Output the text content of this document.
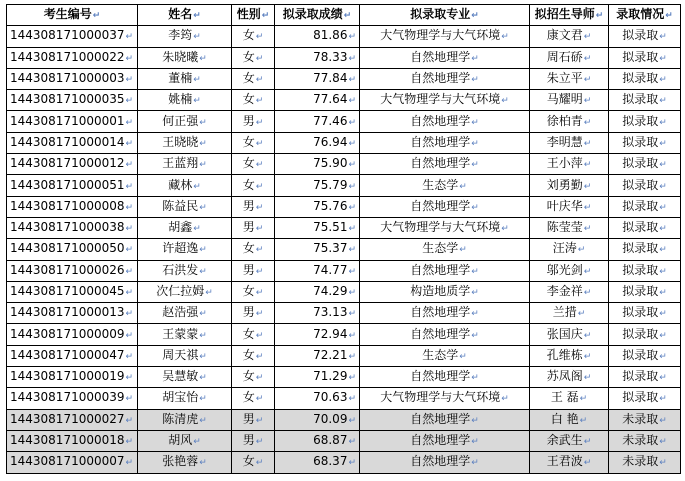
考生编号↵	姓名↵	性别↵	拟录取成绩↵	拟录取专业↵	拟招生导师↵	录取情况↵
144308171000037↵	李筠↵	女↵	81.86↵	大气物理学与大气环境↵	康文君↵	拟录取↵
144308171000022↵	朱晓曦↵	女↵	78.33↵	自然地理学↵	周石硚↵	拟录取↵
144308171000003↵	董楠↵	女↵	77.84↵	自然地理学↵	朱立平↵	拟录取↵
144308171000035↵	姚楠↵	女↵	77.64↵	大气物理学与大气环境↵	马耀明↵	拟录取↵
144308171000001↵	何正强↵	男↵	77.46↵	自然地理学↵	徐柏青↵	拟录取↵
144308171000014↵	王晓晓↵	女↵	76.94↵	自然地理学↵	李明慧↵	拟录取↵
144308171000012↵	王蓝翔↵	女↵	75.90↵	自然地理学↵	王小萍↵	拟录取↵
144308171000051↵	藏林↵	女↵	75.79↵	生态学↵	刘勇勤↵	拟录取↵
144308171000008↵	陈益民↵	男↵	75.76↵	自然地理学↵	叶庆华↵	拟录取↵
144308171000038↵	胡鑫↵	男↵	75.51↵	大气物理学与大气环境↵	陈莹莹↵	拟录取↵
144308171000050↵	许超逸↵	女↵	75.37↵	生态学↵	汪涛↵	拟录取↵
144308171000026↵	石洪发↵	男↵	74.77↵	自然地理学↵	邬光剑↵	拟录取↵
144308171000045↵	次仁拉姆↵	女↵	74.29↵	构造地质学↵	李金祥↵	拟录取↵
144308171000013↵	赵浩强↵	男↵	73.13↵	自然地理学↵	兰措↵	拟录取↵
144308171000009↵	王蒙蒙↵	女↵	72.94↵	自然地理学↵	张国庆↵	拟录取↵
144308171000047↵	周天祺↵	女↵	72.21↵	生态学↵	孔维栋↵	拟录取↵
144308171000019↵	吴慧敏↵	女↵	71.29↵	自然地理学↵	苏凤阁↵	拟录取↵
144308171000039↵	胡宝怡↵	女↵	70.63↵	大气物理学与大气环境↵	王 磊↵	拟录取↵
144308171000027↵	陈清虎↵	男↵	70.09↵	自然地理学↵	白 艳↵	未录取↵
144308171000018↵	胡风↵	男↵	68.87↵	自然地理学↵	余武生↵	未录取↵
144308171000007↵	张艳蓉↵	女↵	68.37↵	自然地理学↵	王君波↵	未录取↵
